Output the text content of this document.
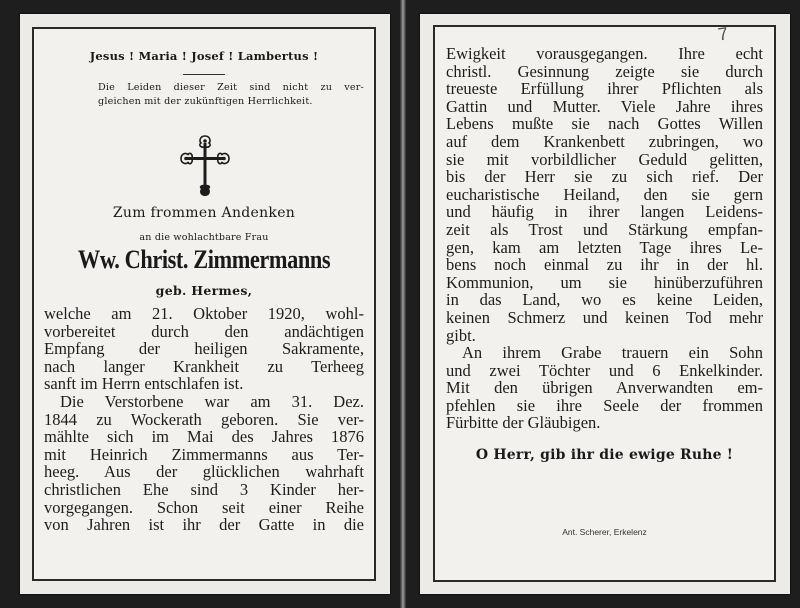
Jesus ! Maria ! Josef ! Lambertus !
Die Leiden dieser Zeit sind nicht zu ver-
gleichen mit der zukünftigen Herrlichkeit.
Zum frommen Andenken
an die wohlachtbare Frau
Ww. Christ. Zimmermanns
geb. Hermes,
welche am 21. Oktober 1920, wohl-
vorbereitet durch den andächtigen
Empfang der heiligen Sakramente,
nach langer Krankheit zu Terheeg
sanft im Herrn entschlafen ist.
Die Verstorbene war am 31. Dez.
1844 zu Wockerath geboren. Sie ver-
mählte sich im Mai des Jahres 1876
mit Heinrich Zimmermanns aus Ter-
heeg. Aus der glücklichen wahrhaft
christlichen Ehe sind 3 Kinder her-
vorgegangen. Schon seit einer Reihe
von Jahren ist ihr der Gatte in die
Ewigkeit vorausgegangen. Ihre echt
christl. Gesinnung zeigte sie durch
treueste Erfüllung ihrer Pflichten als
Gattin und Mutter. Viele Jahre ihres
Lebens mußte sie nach Gottes Willen
auf dem Krankenbett zubringen, wo
sie mit vorbildlicher Geduld gelitten,
bis der Herr sie zu sich rief. Der
eucharistische Heiland, den sie gern
und häufig in ihrer langen Leidens-
zeit als Trost und Stärkung empfan-
gen, kam am letzten Tage ihres Le-
bens noch einmal zu ihr in der hl.
Kommunion, um sie hinüberzuführen
in das Land, wo es keine Leiden,
keinen Schmerz und keinen Tod mehr
gibt.
An ihrem Grabe trauern ein Sohn
und zwei Töchter und 6 Enkelkinder.
Mit den übrigen Anverwandten em-
pfehlen sie ihre Seele der frommen
Fürbitte der Gläubigen.
O Herr, gib ihr die ewige Ruhe !
Ant. Scherer, Erkelenz
7
